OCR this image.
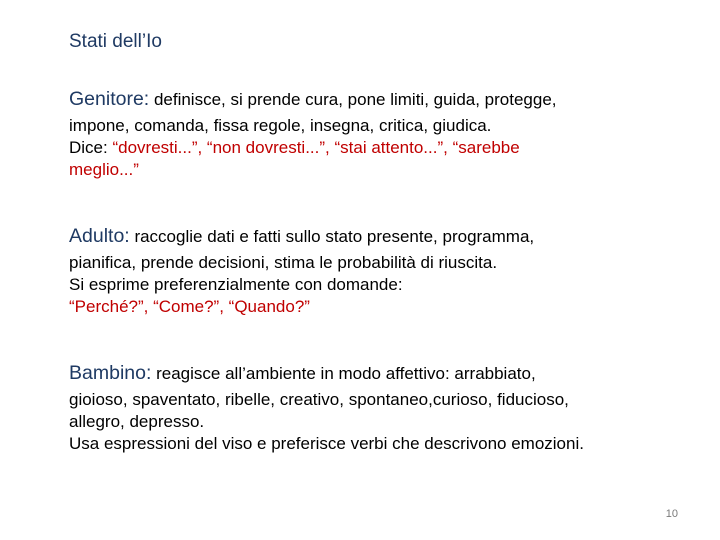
Stati dell’Io
Genitore: definisce, si prende cura, pone limiti, guida, protegge,
impone, comanda, fissa regole, insegna, critica, giudica.
Dice: “dovresti...”, “non dovresti...”, “stai attento...”, “sarebbe
meglio...”
Adulto: raccoglie dati e fatti sullo stato presente, programma,
pianifica, prende decisioni, stima le probabilità di riuscita.
Si esprime preferenzialmente con domande:
“Perché?”, “Come?”, “Quando?”
Bambino: reagisce all’ambiente in modo affettivo: arrabbiato,
gioioso, spaventato, ribelle, creativo, spontaneo,curioso, fiducioso,
allegro, depresso.
Usa espressioni del viso e preferisce verbi che descrivono emozioni.
10
